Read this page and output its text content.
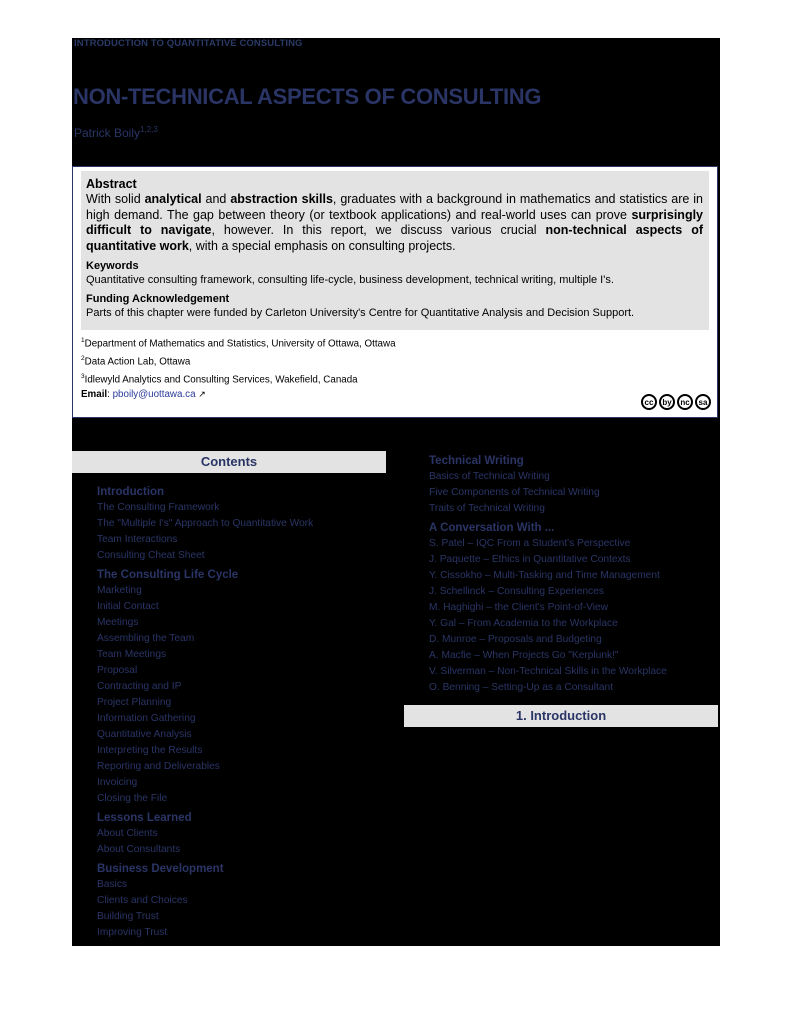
INTRODUCTION TO QUANTITATIVE CONSULTING
NON-TECHNICAL ASPECTS OF CONSULTING
Patrick Boily$^{1,2,3}$
Abstract
With solid analytical and abstraction skills, graduates with a background in mathematics and statistics are in high demand. The gap between theory (or textbook applications) and real-world uses can prove surprisingly difficult to navigate, however. In this report, we discuss various crucial non-technical aspects of quantitative work, with a special emphasis on consulting projects.
Keywords
Quantitative consulting framework, consulting life-cycle, business development, technical writing, multiple I's.
Funding Acknowledgement
Parts of this chapter were funded by Carleton University's Centre for Quantitative Analysis and Decision Support.
$^1$Department of Mathematics and Statistics, University of Ottawa, Ottawa
$^2$Data Action Lab, Ottawa
$^3$Idlewyld Analytics and Consulting Services, Wakefield, Canada
Email: pboily@uottawa.ca ↗
cc	by	nc	sa
Contents
Introduction
The Consulting Framework
The "Multiple I's" Approach to Quantitative Work
Team Interactions
Consulting Cheat Sheet
The Consulting Life Cycle
Marketing
Initial Contact
Meetings
Assembling the Team
Team Meetings
Proposal
Contracting and IP
Project Planning
Information Gathering
Quantitative Analysis
Interpreting the Results
Reporting and Deliverables
Invoicing
Closing the File
Lessons Learned
About Clients
About Consultants
Business Development
Basics
Clients and Choices
Building Trust
Improving Trust
Technical Writing
Basics of Technical Writing
Five Components of Technical Writing
Traits of Technical Writing
A Conversation With ...
S. Patel – IQC From a Student's Perspective
J. Paquette – Ethics in Quantitative Contexts
Y. Cissokho – Multi-Tasking and Time Management
J. Schellinck – Consulting Experiences
M. Haghighi – the Client's Point-of-View
Y. Gal – From Academia to the Workplace
D. Munroe – Proposals and Budgeting
A. Macfie – When Projects Go "Kerplunk!"
V. Silverman – Non-Technical Skills in the Workplace
O. Benning – Setting-Up as a Consultant
1. Introduction
